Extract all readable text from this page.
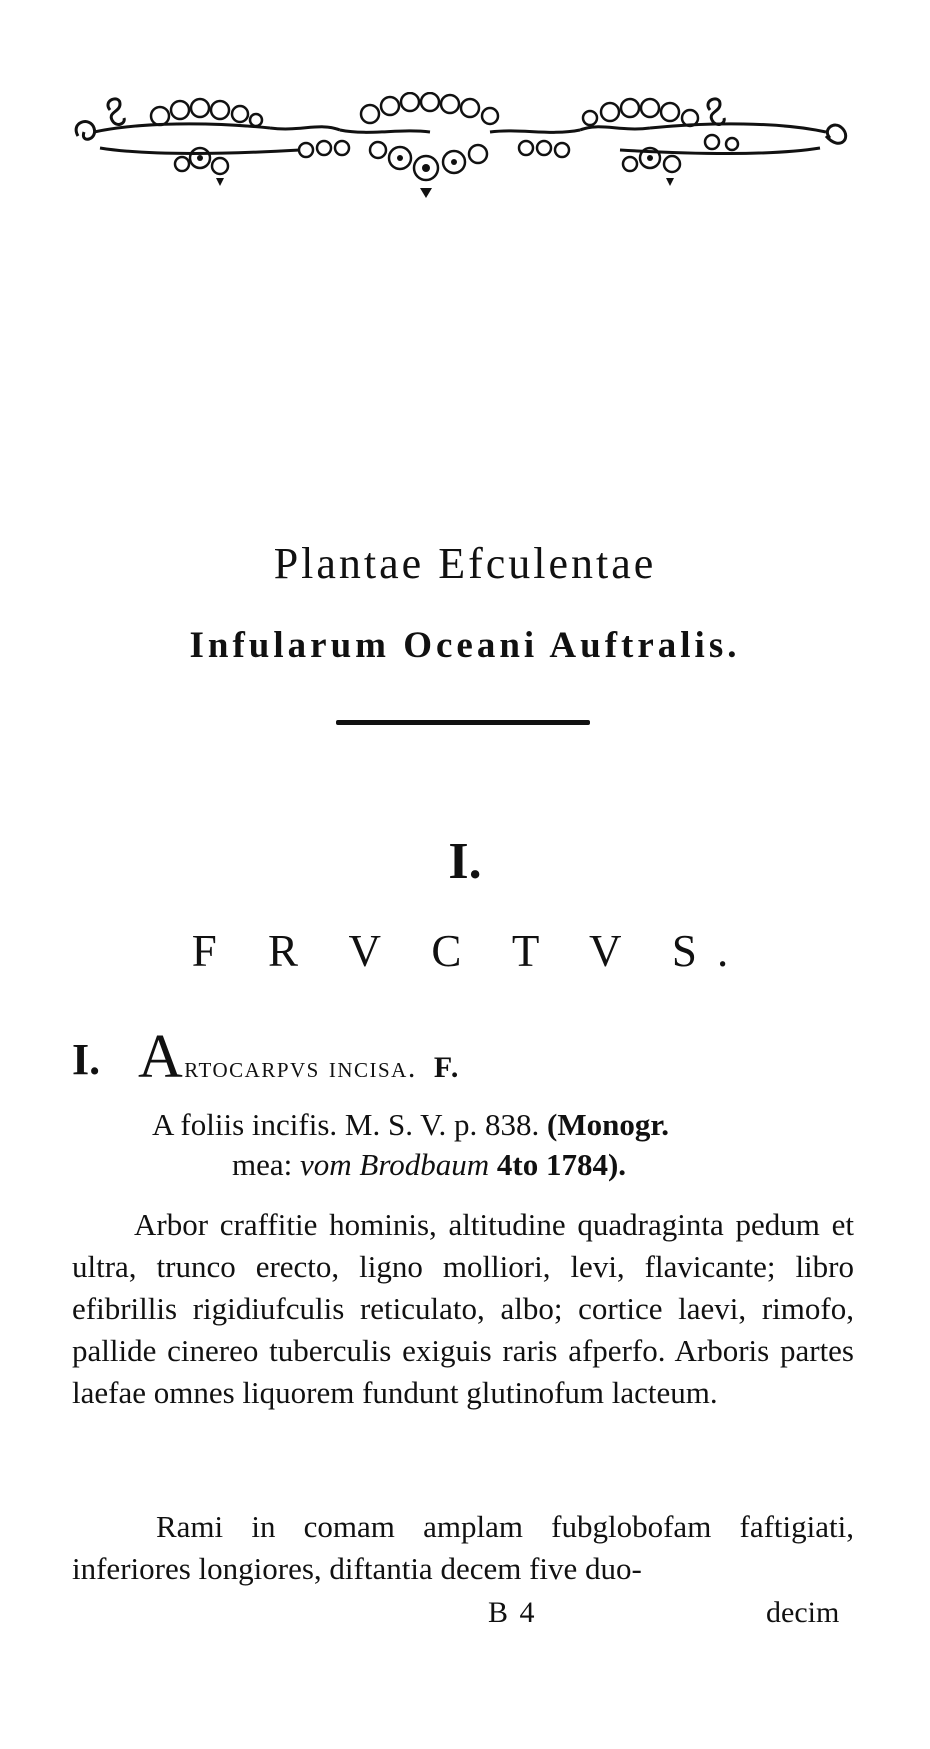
Plantae Efculentae
Infularum Oceani Auftralis.
I.
F R V C T V S.
I. Artocarpvs incisa. F.
A foliis incifis. M. S. V. p. 838. (Monogr.
mea: vom Brodbaum 4to 1784).

Arbor craffitie hominis, altitudine quadraginta pedum et ultra, trunco erecto, ligno molliori, levi, flavicante; libro efibrillis rigidiufculis reticulato, albo; cortice laevi, rimofo, pallide cinereo tuberculis exiguis raris afperfo. Arboris partes laefae omnes liquorem fundunt glutinofum lacteum.

Rami in comam amplam fubglobofam faftigiati, inferiores longiores, diftantia decem five duo-

B 4	decim
